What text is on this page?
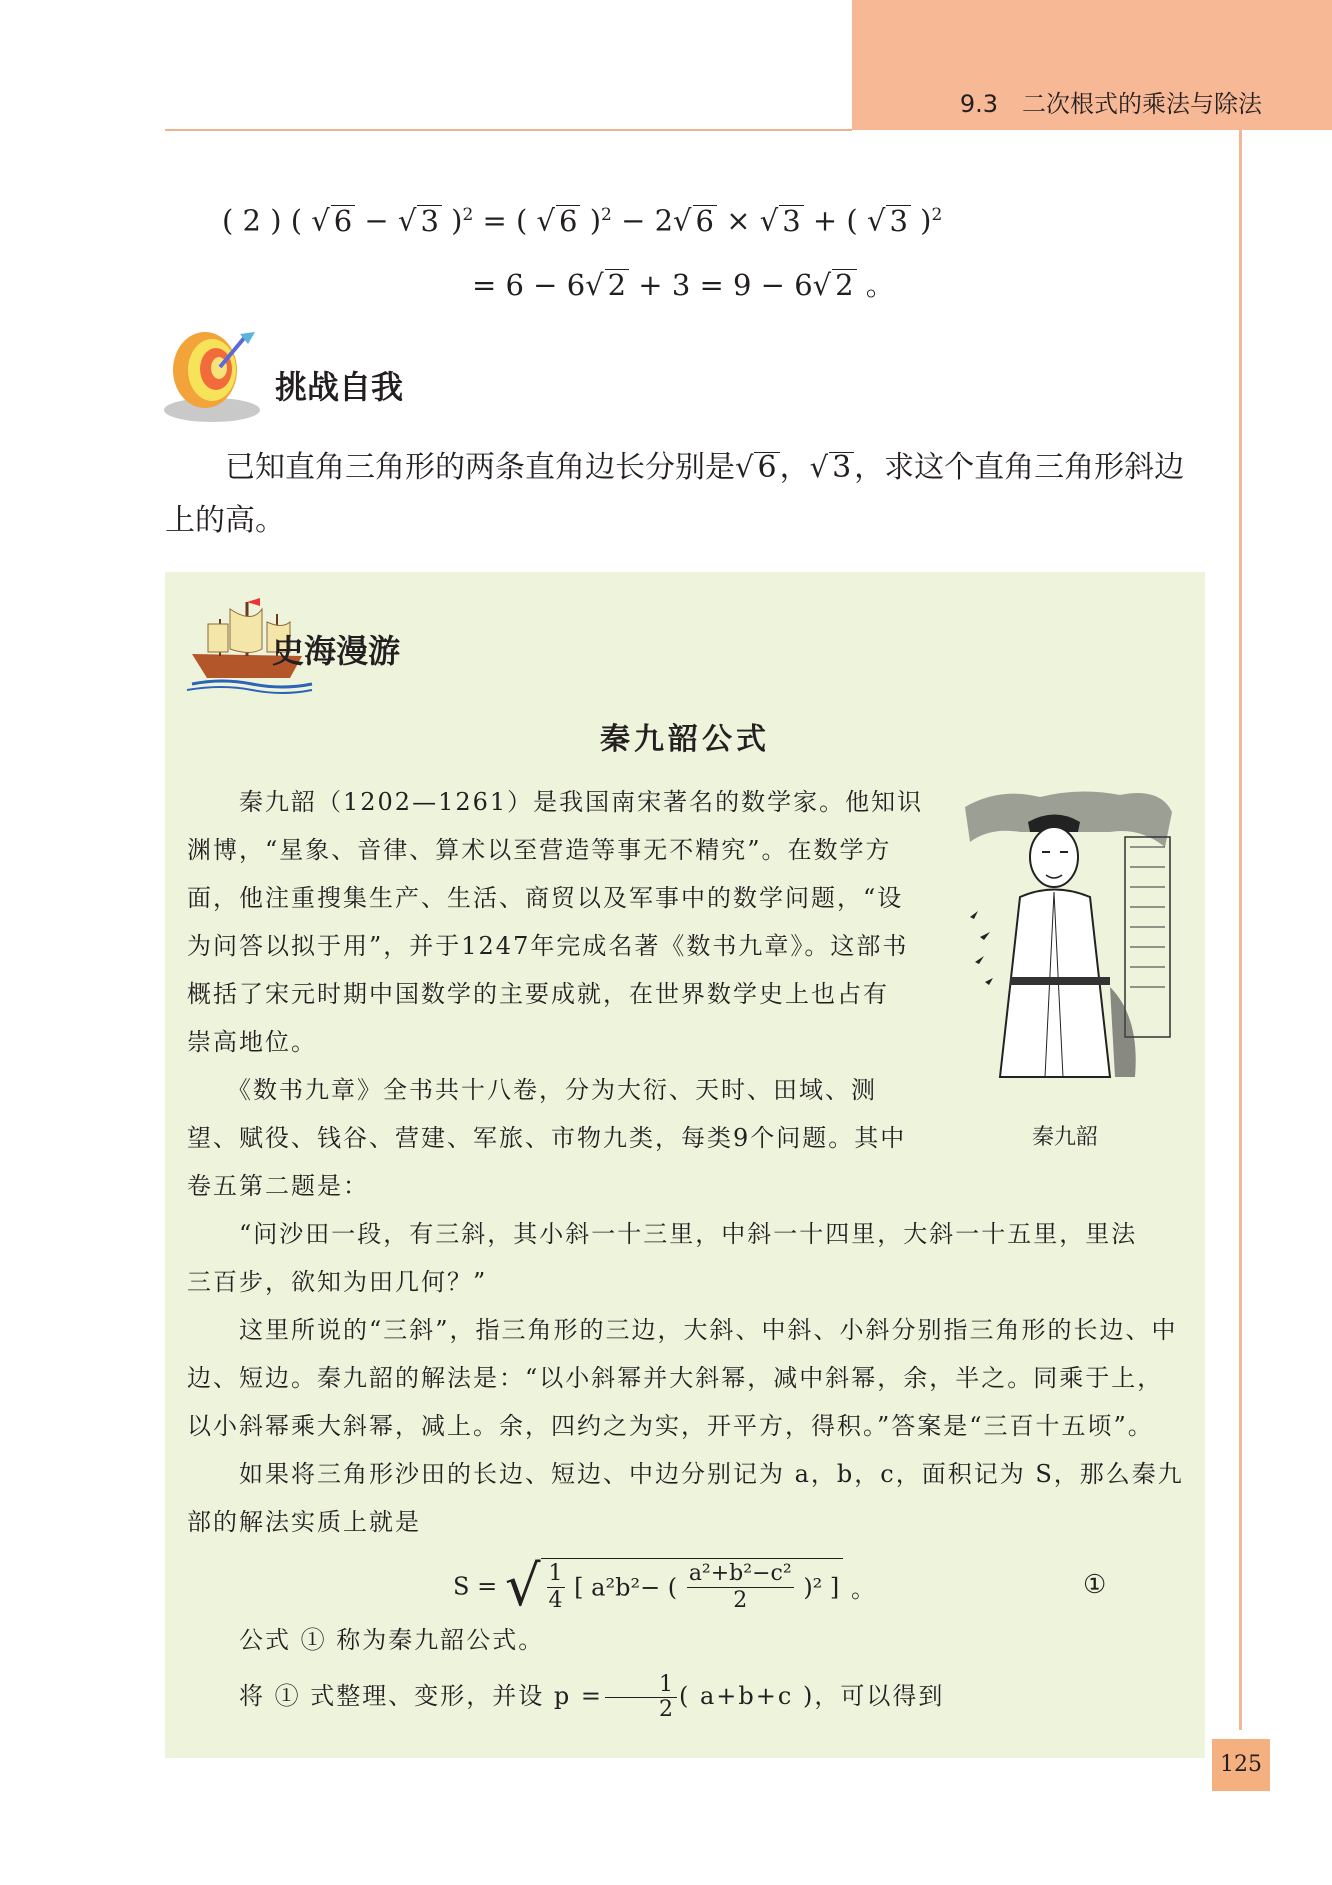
9.3　二次根式的乘法与除法
( 2 ) ( √ 6 − √ 3 )$^2$ = ( √ 6 )$^2$ − 2√ 6 × √ 3 + ( √ 3 )$^2$
= 6 − 6√ 2 + 3 = 9 − 6√ 2 。
挑战自我
已知直角三角形的两条直角边长分别是√ 6 ，√ 3 ，求这个直角三角形斜边
上的高。
史海漫游
秦九韶公式
秦九韶（1202—1261）是我国南宋著名的数学家。他知识
渊博，“星象、音律、算术以至营造等事无不精究”。在数学方
面，他注重搜集生产、生活、商贸以及军事中的数学问题，“设
为问答以拟于用”，并于1247年完成名著《数书九章》。这部书
概括了宋元时期中国数学的主要成就，在世界数学史上也占有
崇高地位。
《数书九章》全书共十八卷，分为大衍、天时、田域、测
望、赋役、钱谷、营建、军旅、市物九类，每类9个问题。其中
卷五第二题是：
“问沙田一段，有三斜，其小斜一十三里，中斜一十四里，大斜一十五里，里法
三百步，欲知为田几何？”
这里所说的“三斜”，指三角形的三边，大斜、中斜、小斜分别指三角形的长边、中
边、短边。秦九韶的解法是：“以小斜幂并大斜幂，减中斜幂，余，半之。同乘于上，
以小斜幂乘大斜幂，减上。余，四约之为实，开平方，得积。”答案是“三百十五顷”。
如果将三角形沙田的长边、短边、中边分别记为 a，b，c，面积记为 S，那么秦九
部的解法实质上就是
S = √ $\frac{1}{4}$ [ a²b²− ( $\frac{\text{a²+b²−c²}}{2} )^2$ ] 。	①
公式 ① 称为秦九韶公式。
将 ① 式整理、变形，并设 $p = \frac{1}{2}$ ( a+b+c )，可以得到
秦九韶
125
